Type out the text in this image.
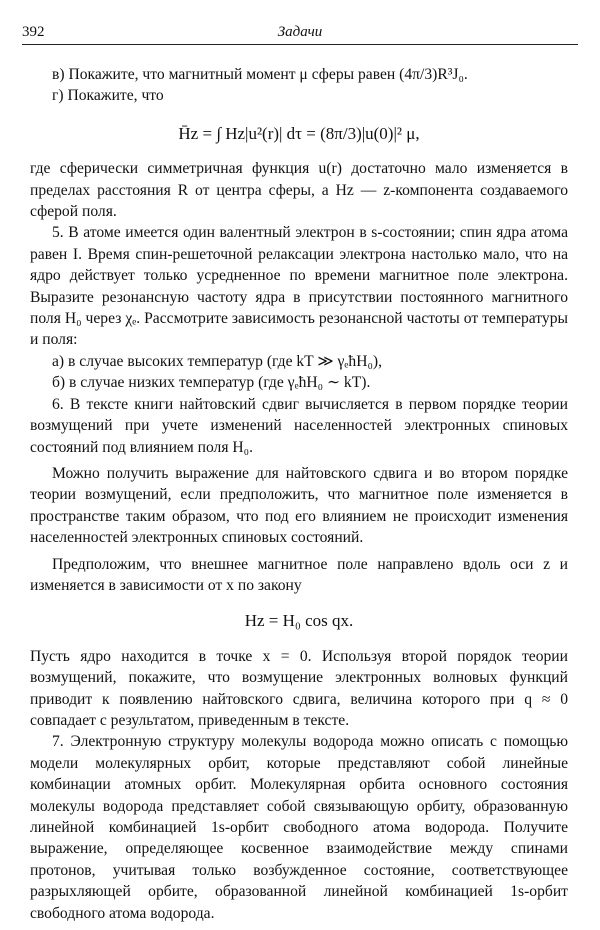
392	Задачи

в) Покажите, что магнитный момент μ сферы равен (4π/3)R³J₀.

г) Покажите, что

H̄z = ∫ Hz|u²(r)| dτ = (8π/3)|u(0)|² μ,

где сферически симметричная функция u(r) достаточно мало изменяется в пределах расстояния R от центра сферы, а Hz — z-компонента создаваемого сферой поля.

5. В атоме имеется один валентный электрон в s-состоянии; спин ядра атома равен I. Время спин-решеточной релаксации электрона настолько мало, что на ядро действует только усредненное по времени магнитное поле электрона. Выразите резонансную частоту ядра в присутствии постоянного магнитного поля H₀ через χₑ. Рассмотрите зависимость резонансной частоты от температуры и поля:

а) в случае высоких температур (где kT ≫ γₑħH₀),

б) в случае низких температур (где γₑħH₀ ∼ kT).

6. В тексте книги найтовский сдвиг вычисляется в первом порядке теории возмущений при учете изменений населенностей электронных спиновых состояний под влиянием поля H₀.

Можно получить выражение для найтовского сдвига и во втором порядке теории возмущений, если предположить, что магнитное поле изменяется в пространстве таким образом, что под его влиянием не происходит изменения населенностей электронных спиновых состояний.

Предположим, что внешнее магнитное поле направлено вдоль оси z и изменяется в зависимости от x по закону

Hz = H₀ cos qx.

Пусть ядро находится в точке x = 0. Используя второй порядок теории возмущений, покажите, что возмущение электронных волновых функций приводит к появлению найтовского сдвига, величина которого при q ≈ 0 совпадает с результатом, приведенным в тексте.

7. Электронную структуру молекулы водорода можно описать с помощью модели молекулярных орбит, которые представляют собой линейные комбинации атомных орбит. Молекулярная орбита основного состояния молекулы водорода представляет собой связывающую орбиту, образованную линейной комбинацией 1s-орбит свободного атома водорода. Получите выражение, определяющее косвенное взаимодействие между спинами протонов, учитывая только возбужденное состояние, соответствующее разрыхляющей орбите, образованной линейной комбинацией 1s-орбит свободного атома водорода.
